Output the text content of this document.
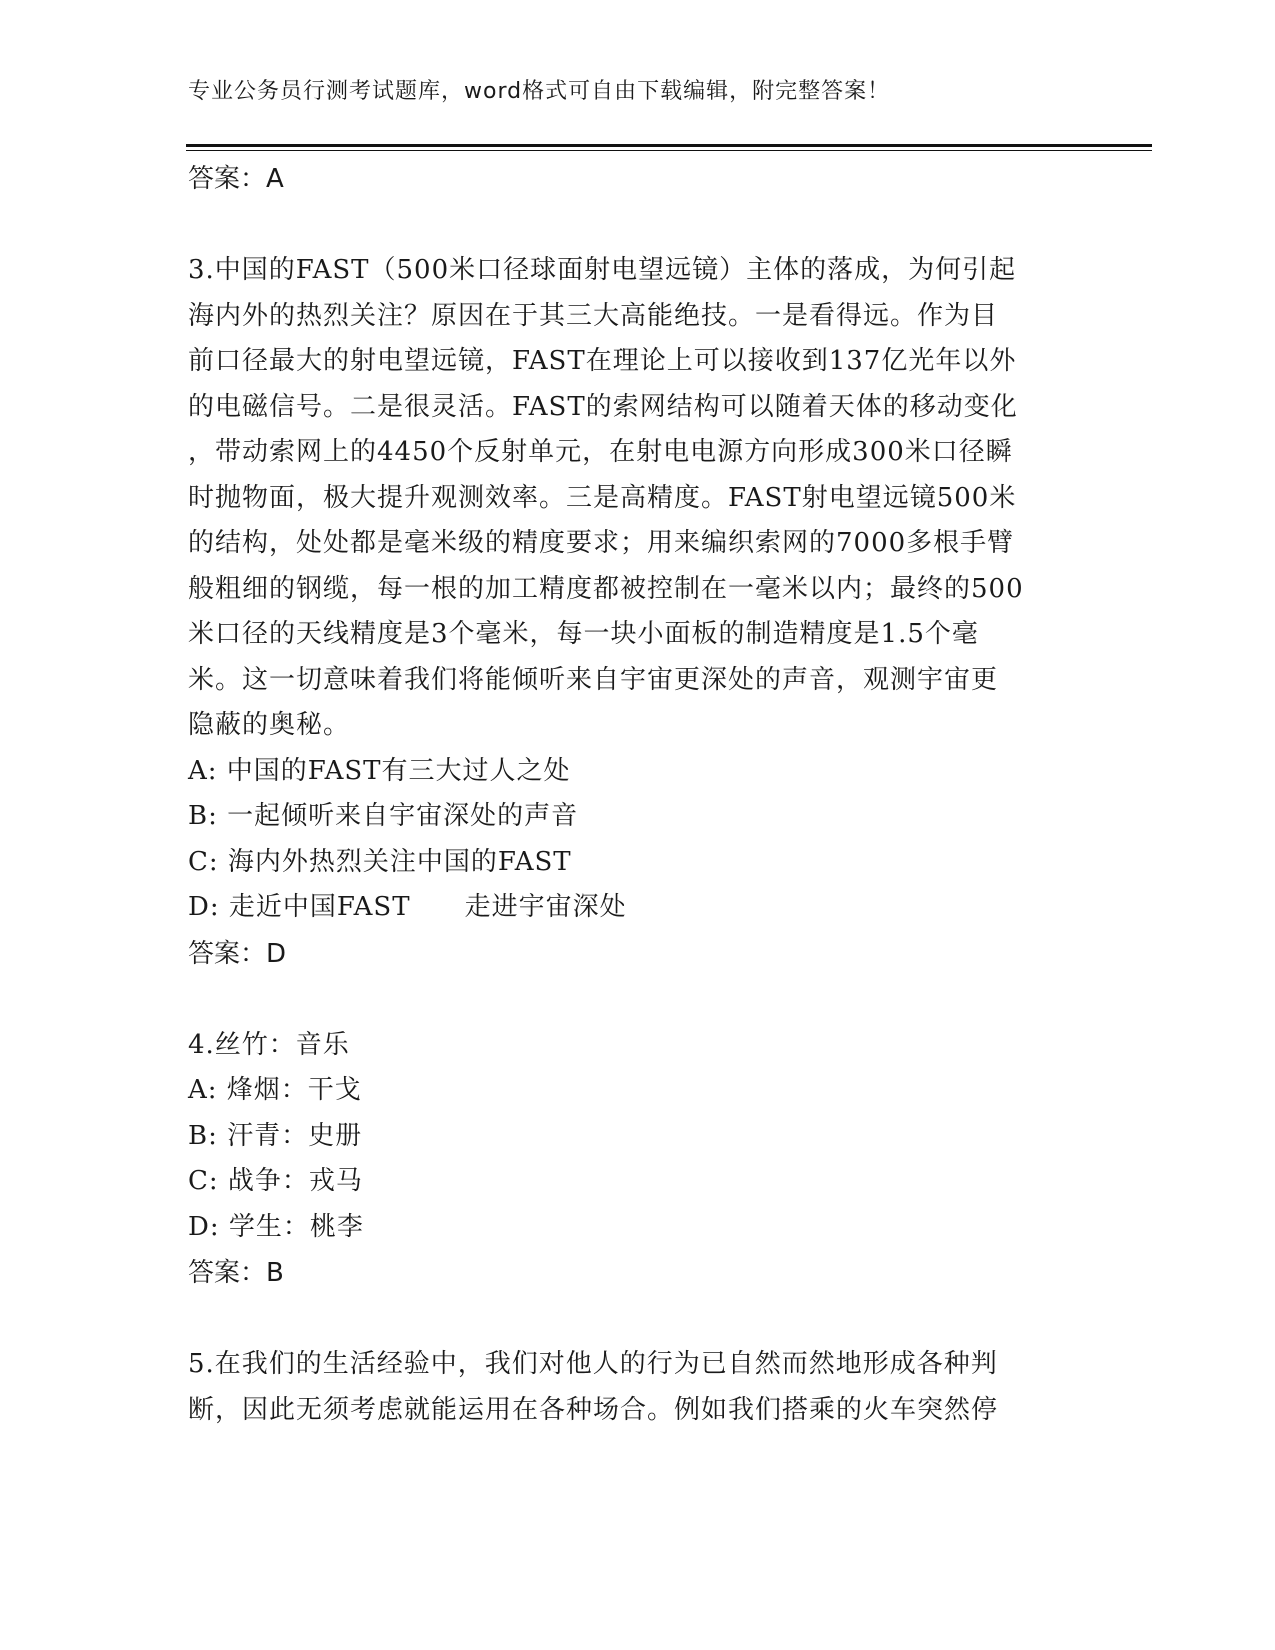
专业公务员行测考试题库，word格式可自由下载编辑，附完整答案！
答案：A
3.中国的FAST（500米口径球面射电望远镜）主体的落成，为何引起
海内外的热烈关注？原因在于其三大高能绝技。一是看得远。作为目
前口径最大的射电望远镜，FAST在理论上可以接收到137亿光年以外
的电磁信号。二是很灵活。FAST的索网结构可以随着天体的移动变化
，带动索网上的4450个反射单元，在射电电源方向形成300米口径瞬
时抛物面，极大提升观测效率。三是高精度。FAST射电望远镜500米
的结构，处处都是毫米级的精度要求；用来编织索网的7000多根手臂
般粗细的钢缆，每一根的加工精度都被控制在一毫米以内；最终的500
米口径的天线精度是3个毫米，每一块小面板的制造精度是1.5个毫
米。这一切意味着我们将能倾听来自宇宙更深处的声音，观测宇宙更
隐蔽的奥秘。
A: 中国的FAST有三大过人之处
B: 一起倾听来自宇宙深处的声音
C: 海内外热烈关注中国的FAST
D: 走近中国FAST　　走进宇宙深处
答案：D
4.丝竹：音乐
A: 烽烟：干戈
B: 汗青：史册
C: 战争：戎马
D: 学生：桃李
答案：B
5.在我们的生活经验中，我们对他人的行为已自然而然地形成各种判
断，因此无须考虑就能运用在各种场合。例如我们搭乘的火车突然停
